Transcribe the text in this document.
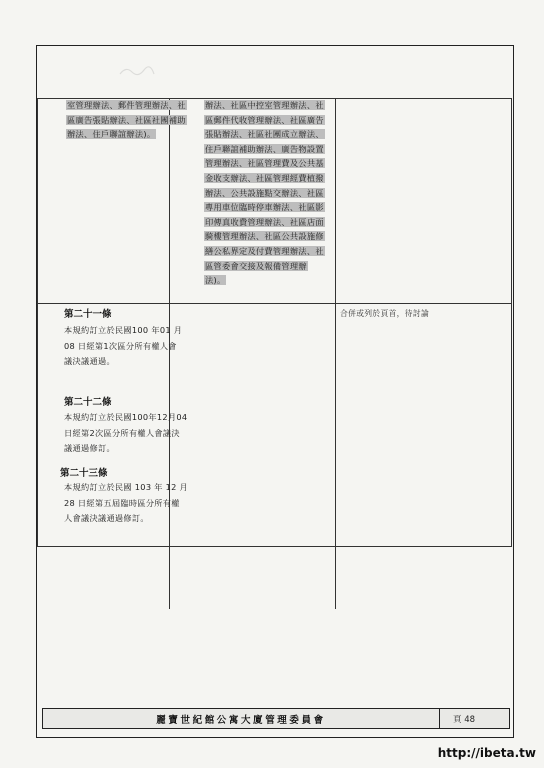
室管理辦法、郵件管理辦法、社
區廣告張貼辦法、社區社團補助
辦法、住戶聯誼辦法)。
辦法、社區中控室管理辦法、社
區郵件代收管理辦法、社區廣告
張貼辦法、社區社團成立辦法、
住戶聯誼補助辦法、廣告物設置
管理辦法、社區管理費及公共基
金收支辦法、社區管理經費植撥
辦法、公共設施點交辦法、社區
專用車位臨時停車辦法、社區影
印傳真收費管理辦法、社區店面
騎樓管理辦法、社區公共設施修
繕公私界定及付費管理辦法、社
區管委會交接及報備管理辦
法)。
第二十一條
本規約訂立於民國100 年01 月
08 日經第1次區分所有權人會
議決議通過。
第二十二條
本規約訂立於民國100年12月04
日經第2次區分所有權人會議決
議通過修訂。
第二十三條
本規約訂立於民國 103 年 12 月
28 日經第五屆臨時區分所有權
人會議決議通過修訂。
合併或列於頁首，待討論
麗寶世紀館公寓大廈管理委員會	頁 48
http://ibeta.tw
